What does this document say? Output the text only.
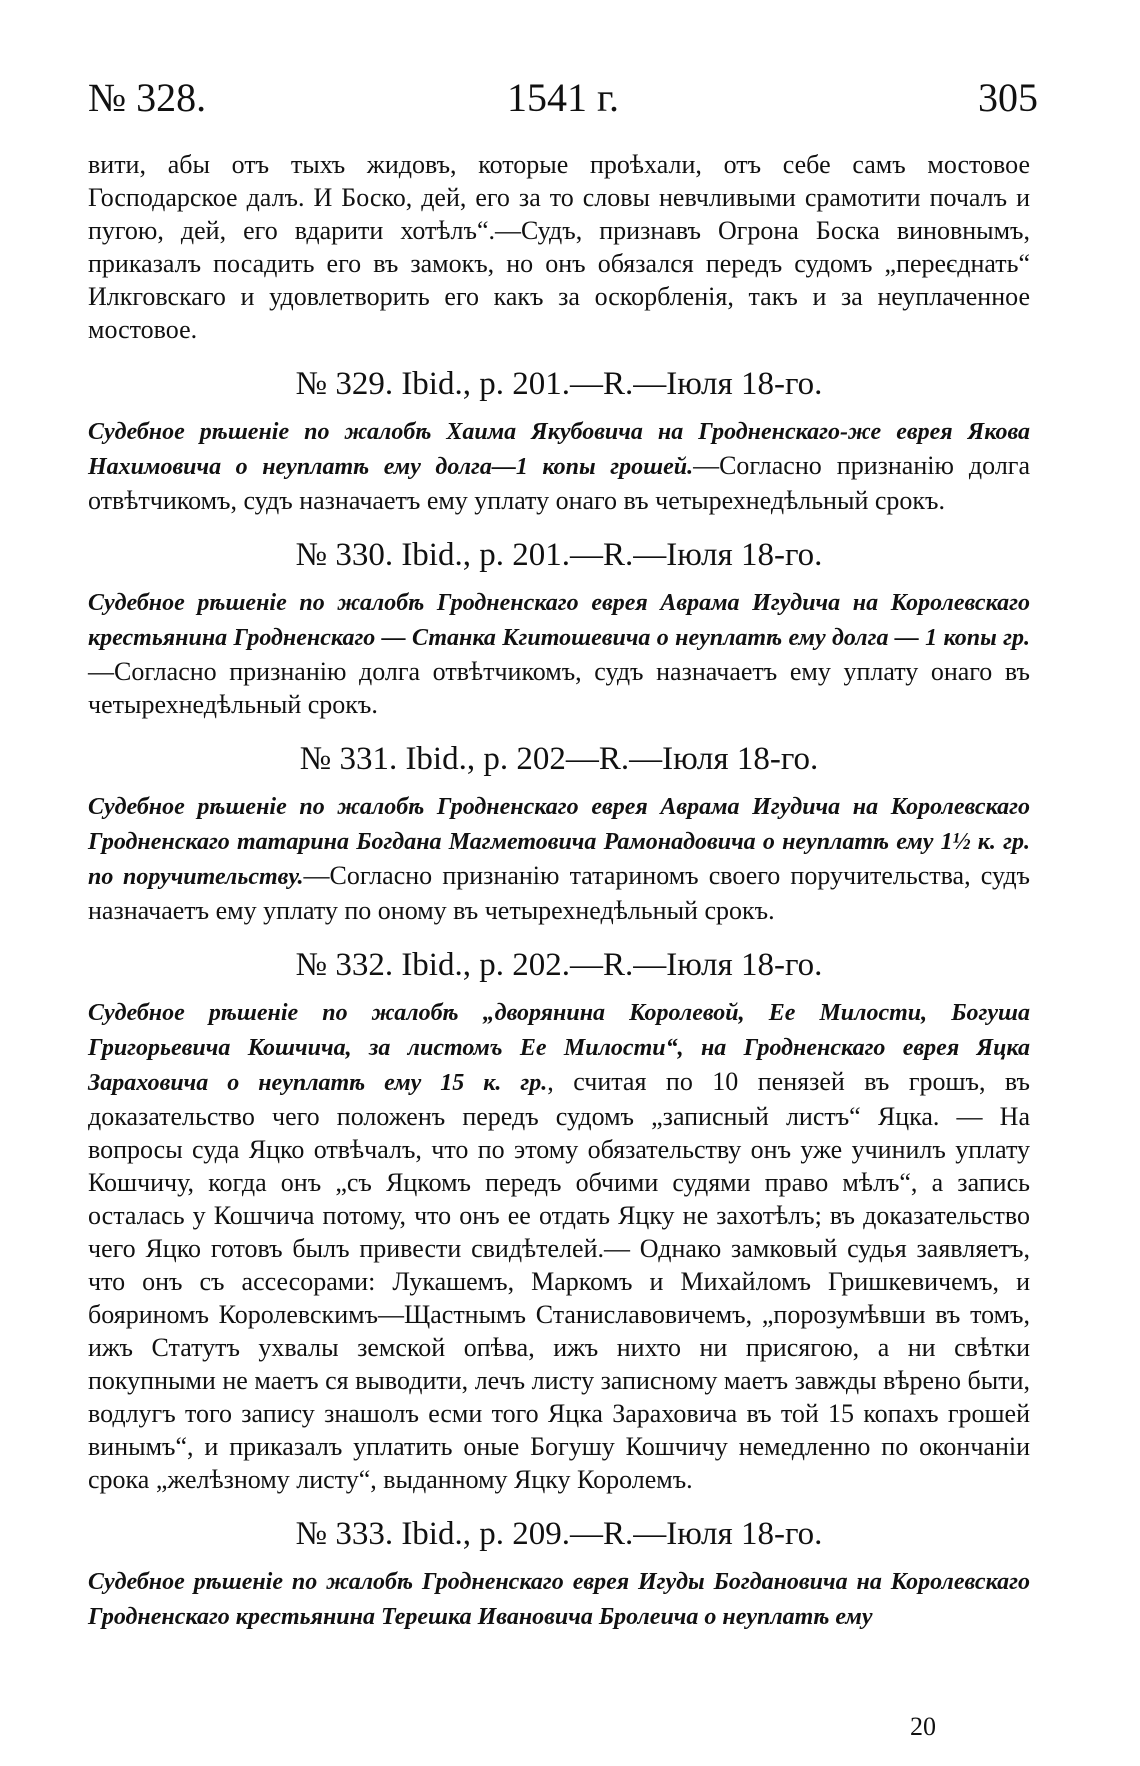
№ 328.	1541 г.	305

вити, абы отъ тыхъ жидовъ, которые проѣхали, отъ себе самъ мостовое Господарское далъ. И Боско, дей, его за то словы невчливыми срамотити почалъ и пугою, дей, его вдарити хотѣлъ“.—Судъ, признавъ Огрона Боска виновнымъ, приказалъ посадить его въ замокъ, но онъ обязался передъ судомъ „переєднать“ Илкговскаго и удовлетворить его какъ за оскорбленія, такъ и за неуплаченное мостовое.

№ 329. Ibid., p. 201.—R.—Іюля 18-го.

Судебное рѣшеніе по жалобѣ Хаима Якубовича на Гродненскаго-же еврея Якова Нахимовича о неуплатѣ ему долга—1 копы грошей.—Согласно признанію долга отвѣтчикомъ, судъ назначаетъ ему уплату онаго въ четырехнедѣльный срокъ.

№ 330. Ibid., p. 201.—R.—Іюля 18-го.

Судебное рѣшеніе по жалобѣ Гродненскаго еврея Аврама Игудича на Королевскаго крестьянина Гродненскаго — Станка Кгитошевича о неуплатѣ ему долга — 1 копы гр.—Согласно признанію долга отвѣтчикомъ, судъ назначаетъ ему уплату онаго въ четырехнедѣльный срокъ.

№ 331. Ibid., p. 202—R.—Іюля 18-го.

Судебное рѣшеніе по жалобѣ Гродненскаго еврея Аврама Игудича на Королевскаго Гродненскаго татарина Богдана Магметовича Рамонадовича о неуплатѣ ему 1½ к. гр. по поручительству.—Согласно признанію татариномъ своего поручительства, судъ назначаетъ ему уплату по оному въ четырехнедѣльный срокъ.

№ 332. Ibid., p. 202.—R.—Іюля 18-го.

Судебное рѣшеніе по жалобѣ „дворянина Королевой, Ее Милости, Богуша Григорьевича Кошчича, за листомъ Ее Милости“, на Гродненскаго еврея Яцка Зараховича о неуплатѣ ему 15 к. гр., считая по 10 пенязей въ грошъ, въ доказательство чего положенъ передъ судомъ „записный листъ“ Яцка. — На вопросы суда Яцко отвѣчалъ, что по этому обязательству онъ уже учинилъ уплату Кошчичу, когда онъ „съ Яцкомъ передъ обчими судями право мѣлъ“, а запись осталась у Кошчича потому, что онъ ее отдать Яцку не захотѣлъ; въ доказательство чего Яцко готовъ былъ привести свидѣтелей.— Однако замковый судья заявляетъ, что онъ съ ассесорами: Лукашемъ, Маркомъ и Михайломъ Гришкевичемъ, и бояриномъ Королевскимъ—Щастнымъ Станиславовичемъ, „порозумѣвши въ томъ, ижъ Статутъ ухвалы земской опѣва, ижъ нихто ни присягою, а ни свѣтки покупными не маетъ ся выводити, лечъ листу записному маетъ завжды вѣрено быти, водлугъ того запису знашолъ есми того Яцка Зараховича въ той 15 копахъ грошей винымъ“, и приказалъ уплатить оные Богушу Кошчичу немедленно по окончаніи срока „желѣзному листу“, выданному Яцку Королемъ.

№ 333. Ibid., p. 209.—R.—Іюля 18-го.

Судебное рѣшеніе по жалобѣ Гродненскаго еврея Игуды Богдановича на Королевскаго Гродненскаго крестьянина Терешка Ивановича Бролеича о неуплатѣ ему

20
